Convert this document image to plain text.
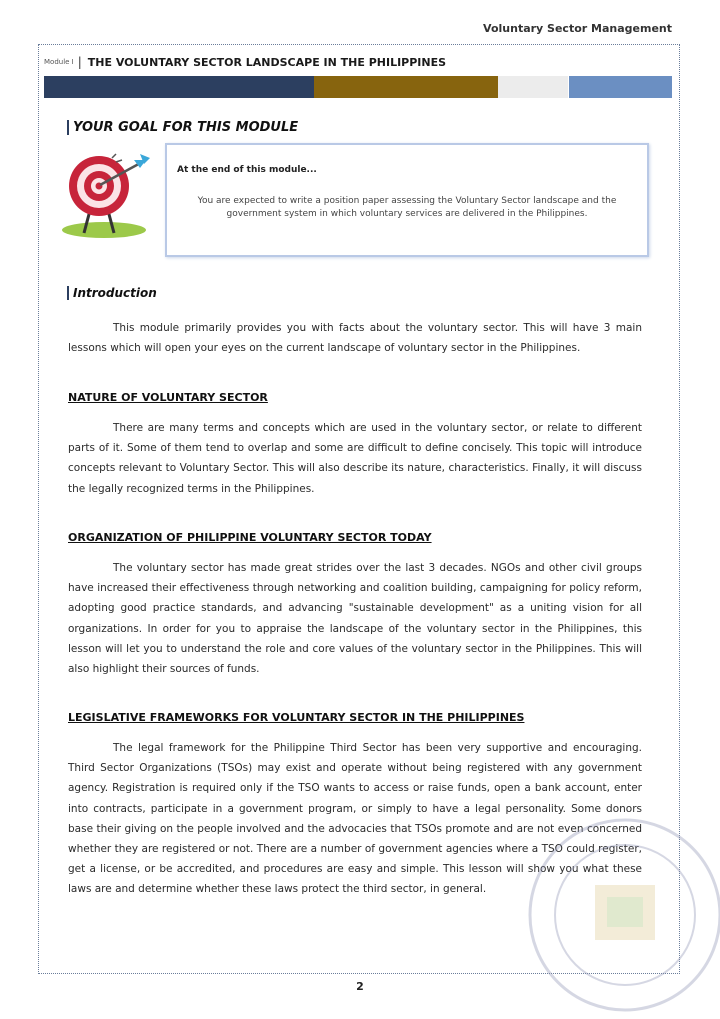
Voluntary Sector Management
Module I | THE VOLUNTARY SECTOR LANDSCAPE IN THE PHILIPPINES
YOUR GOAL FOR THIS MODULE
At the end of this module...
You are expected to write a position paper assessing the Voluntary Sector landscape and the government system in which voluntary services are delivered in the Philippines.
Introduction

This module primarily provides you with facts about the voluntary sector. This will have 3 main lessons which will open your eyes on the current landscape of voluntary sector in the Philippines.

NATURE OF VOLUNTARY SECTOR

There are many terms and concepts which are used in the voluntary sector, or relate to different parts of it. Some of them tend to overlap and some are difficult to define concisely. This topic will introduce concepts relevant to Voluntary Sector. This will also describe its nature, characteristics. Finally, it will discuss the legally recognized terms in the Philippines.

ORGANIZATION OF PHILIPPINE VOLUNTARY SECTOR TODAY

The voluntary sector has made great strides over the last 3 decades. NGOs and other civil groups have increased their effectiveness through networking and coalition building, campaigning for policy reform, adopting good practice standards, and advancing "sustainable development" as a uniting vision for all organizations. In order for you to appraise the landscape of the voluntary sector in the Philippines, this lesson will let you to understand the role and core values of the voluntary sector in the Philippines. This will also highlight their sources of funds.

LEGISLATIVE FRAMEWORKS FOR VOLUNTARY SECTOR IN THE PHILIPPINES

The legal framework for the Philippine Third Sector has been very supportive and encouraging. Third Sector Organizations (TSOs) may exist and operate without being registered with any government agency. Registration is required only if the TSO wants to access or raise funds, open a bank account, enter into contracts, participate in a government program, or simply to have a legal personality. Some donors base their giving on the people involved and the advocacies that TSOs promote and are not even concerned whether they are registered or not. There are a number of government agencies where a TSO could register, get a license, or be accredited, and procedures are easy and simple. This lesson will show you what these laws are and determine whether these laws protect the third sector, in general.

2
